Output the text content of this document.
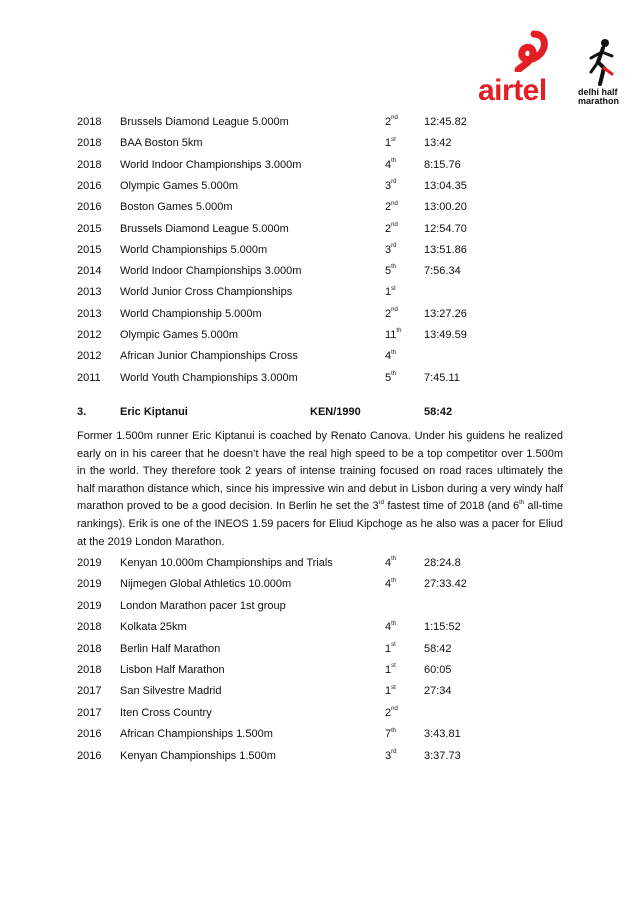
airtel	delhi half
marathon
2018 Brussels Diamond League 5.000m	2nd 12:45.82
2018 BAA Boston 5km	1st	13:42
2018 World Indoor Championships 3.000m	4th	8:15.76
2016 Olympic Games 5.000m	3rd	13:04.35
2016 Boston Games 5.000m	2nd 13:00.20
2015 Brussels Diamond League 5.000m	2nd 12:54.70
2015 World Championships 5.000m	3rd	13:51.86
2014 World Indoor Championships 3.000m	5th	7:56.34
2013 World Junior Cross Championships	1st
2013 World Championship 5.000m	2nd 13:27.26
2012 Olympic Games 5.000m	11th 13:49.59
2012 African Junior Championships Cross	4th
2011 World Youth Championships 3.000m	5th	7:45.11
3.	Eric Kiptanui	KEN/1990	58:42

Former 1.500m runner Eric Kiptanui is coached by Renato Canova. Under his guidens he realized early on in his career that he doesn’t have the real high speed to be a top competitor over 1.500m in the world. They therefore took 2 years of intense training focused on road races ultimately the half marathon distance which, since his impressive win and debut in Lisbon during a very windy half marathon proved to be a good decision. In Berlin he set the 3rd fastest time of 2018 (and 6th all-time rankings). Erik is one of the INEOS 1.59 pacers for Eliud Kipchoge as he also was a pacer for Eliud at the 2019 London Marathon.

2019 Kenyan 10.000m Championships and Trials	4th	28:24.8
2019 Nijmegen Global Athletics 10.000m	4th	27:33.42
2019 London Marathon pacer 1st group
2018 Kolkata 25km	4th	1:15:52
2018 Berlin Half Marathon	1st	58:42
2018 Lisbon Half Marathon	1st	60:05
2017 San Silvestre Madrid	1st	27:34
2017 Iten Cross Country	2nd
2016 African Championships 1.500m	7th	3:43.81
2016 Kenyan Championships 1.500m	3rd	3:37.73
